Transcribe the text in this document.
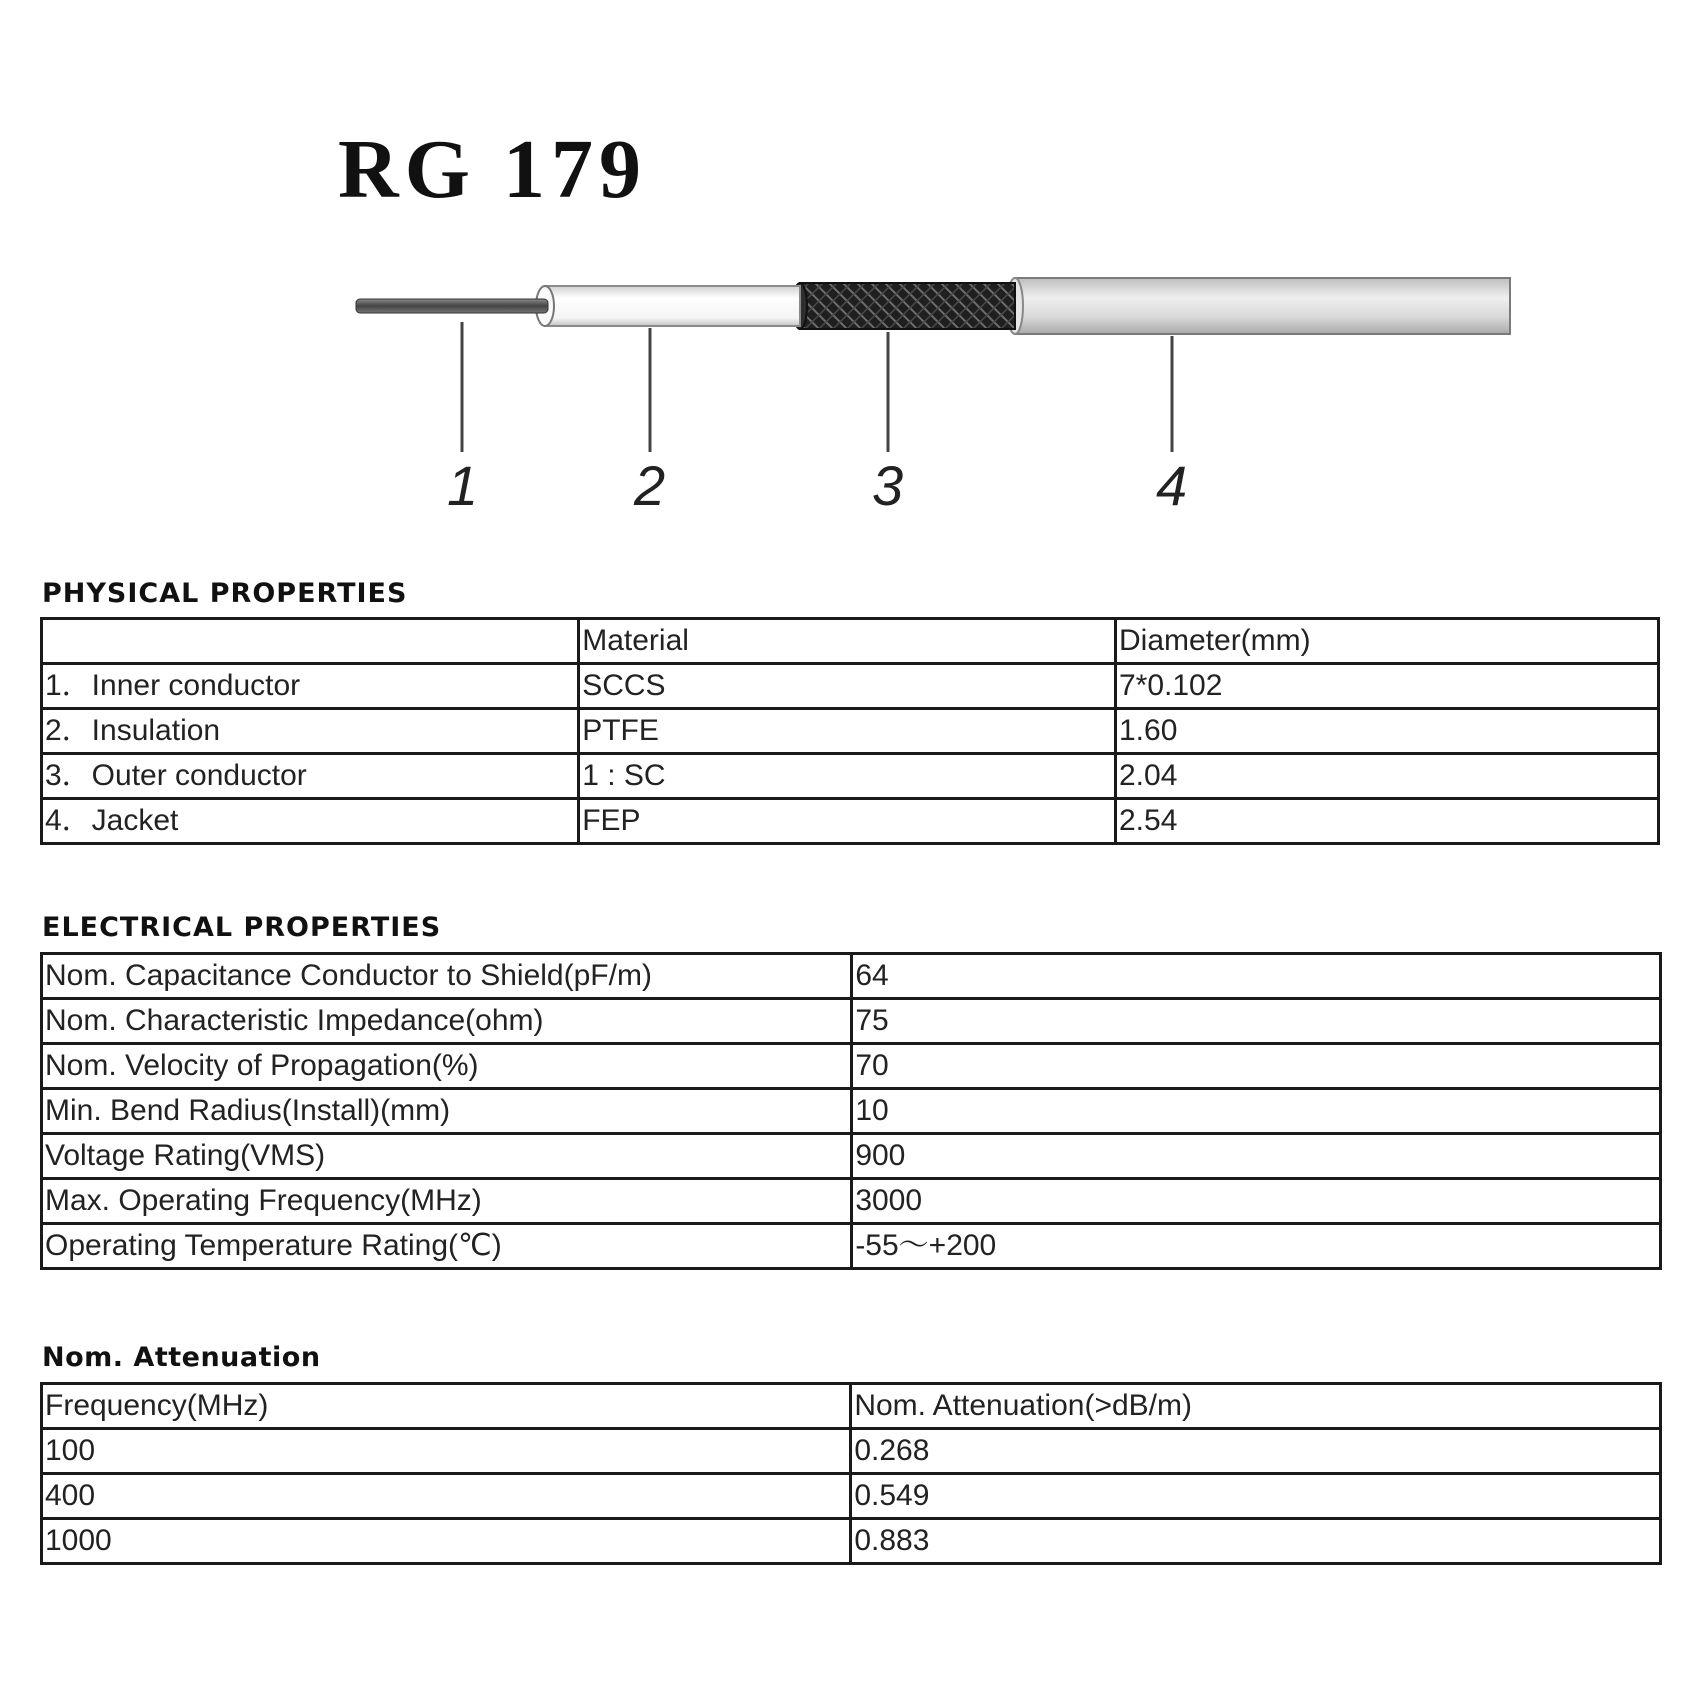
RG 179
1	2	3	4
PHYSICAL PROPERTIES
	Material	Diameter(mm)
1．Inner conductor	SCCS	7*0.102
2．Insulation	PTFE	1.60
3．Outer conductor	1 : SC	2.04
4．Jacket	FEP	2.54
ELECTRICAL PROPERTIES
Nom. Capacitance Conductor to Shield(pF/m)	64
Nom. Characteristic Impedance(ohm)	75
Nom. Velocity of Propagation(%)	70
Min. Bend Radius(Install)(mm)	10
Voltage Rating(VMS)	900
Max. Operating Frequency(MHz)	3000
Operating Temperature Rating(℃)	-55～+200
Nom. Attenuation
Frequency(MHz)	Nom. Attenuation(>dB/m)
100	0.268
400	0.549
1000	0.883
